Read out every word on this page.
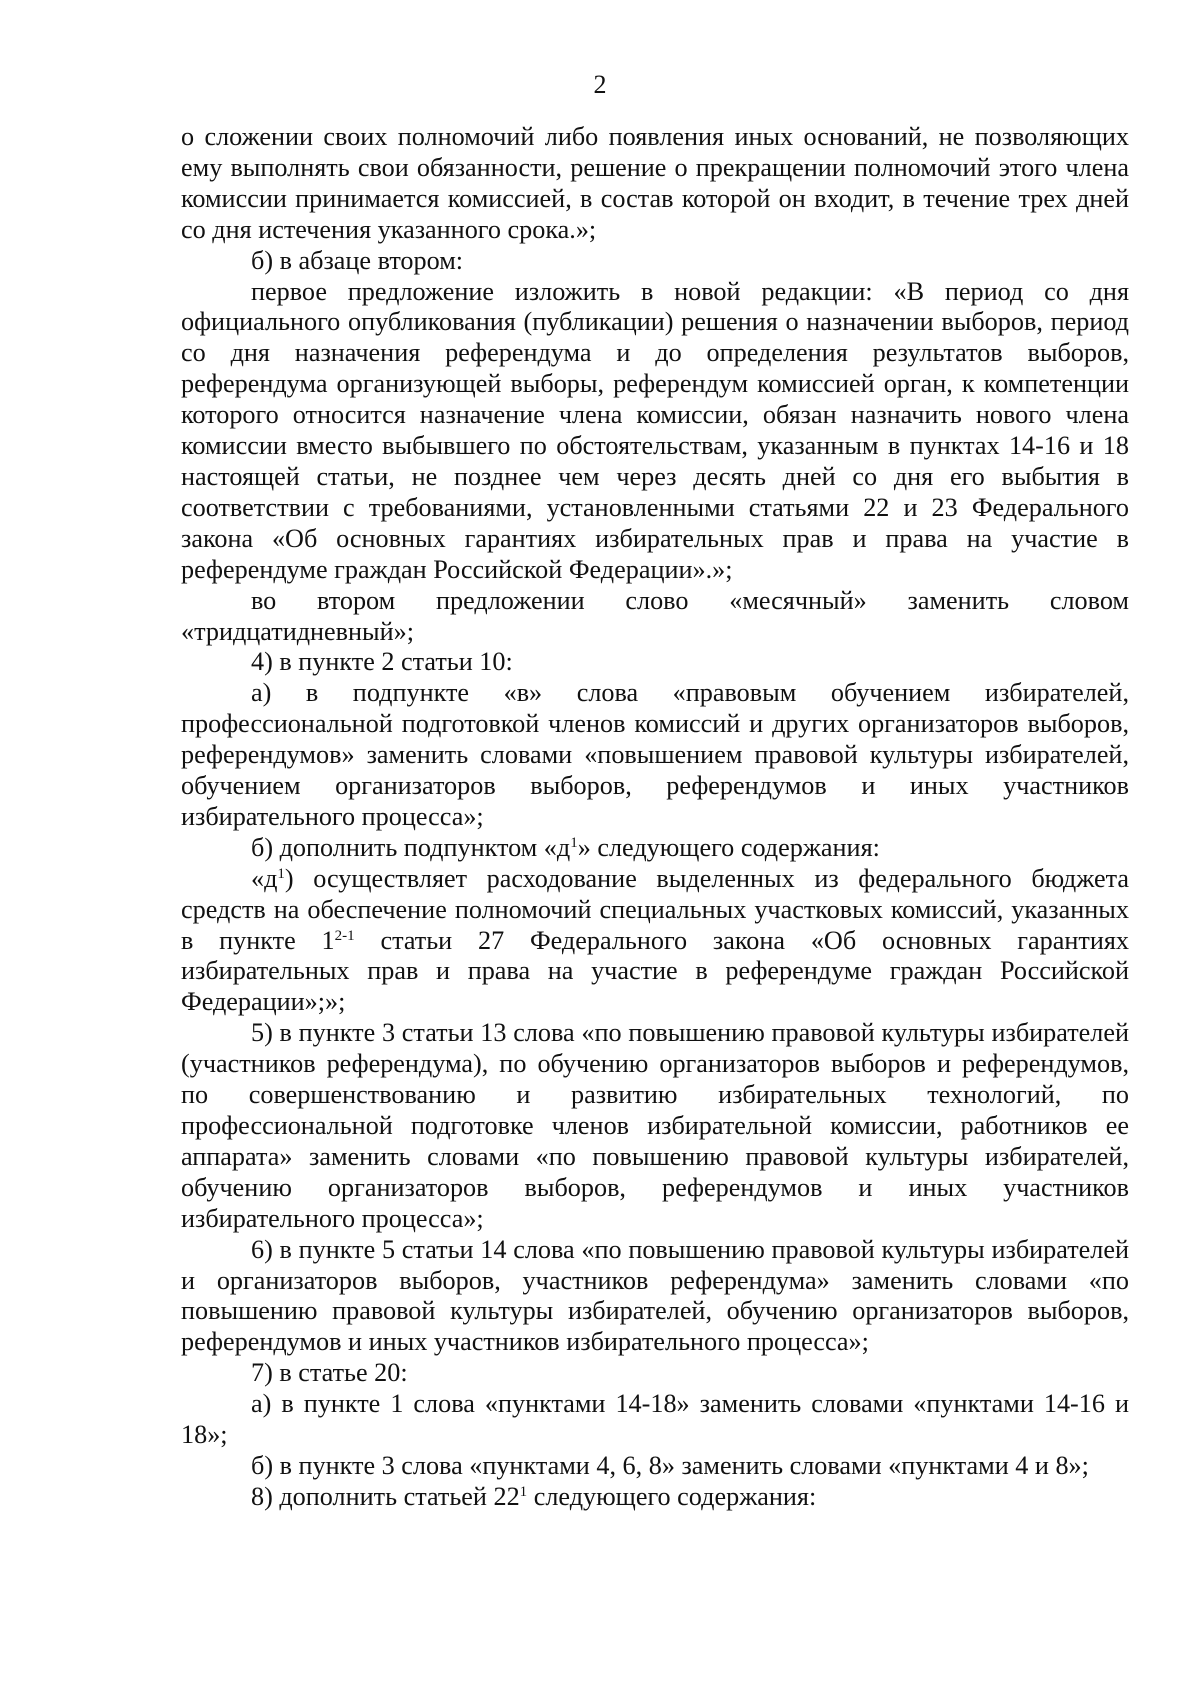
2

о сложении своих полномочий либо появления иных оснований, не позволяющих ему выполнять свои обязанности, решение о прекращении полномочий этого члена комиссии принимается комиссией, в состав которой он входит, в течение трех дней со дня истечения указанного срока.»;

б) в абзаце втором:

первое предложение изложить в новой редакции: «В период со дня официального опубликования (публикации) решения о назначении выборов, период со дня назначения референдума и до определения результатов выборов, референдума организующей выборы, референдум комиссией орган, к компетенции которого относится назначение члена комиссии, обязан назначить нового члена комиссии вместо выбывшего по обстоятельствам, указанным в пунктах 14-16 и 18 настоящей статьи, не позднее чем через десять дней со дня его выбытия в соответствии с требованиями, установленными статьями 22 и 23 Федерального закона «Об основных гарантиях избирательных прав и права на участие в референдуме граждан Российской Федерации».»;

во втором предложении слово «месячный» заменить словом «тридцатидневный»;

4) в пункте 2 статьи 10:

а) в подпункте «в» слова «правовым обучением избирателей, профессиональной подготовкой членов комиссий и других организаторов выборов, референдумов» заменить словами «повышением правовой культуры избирателей, обучением организаторов выборов, референдумов и иных участников избирательного процесса»;

б) дополнить подпунктом «$д^1$» следующего содержания:

«$д^1$) осуществляет расходование выделенных из федерального бюджета средств на обеспечение полномочий специальных участковых комиссий, указанных в пункте 1$^{2-1}$ статьи 27 Федерального закона «Об основных гарантиях избирательных прав и права на участие в референдуме граждан Российской Федерации»;»;

5) в пункте 3 статьи 13 слова «по повышению правовой культуры избирателей (участников референдума), по обучению организаторов выборов и референдумов, по совершенствованию и развитию избирательных технологий, по профессиональной подготовке членов избирательной комиссии, работников ее аппарата» заменить словами «по повышению правовой культуры избирателей, обучению организаторов выборов, референдумов и иных участников избирательного процесса»;

6) в пункте 5 статьи 14 слова «по повышению правовой культуры избирателей и организаторов выборов, участников референдума» заменить словами «по повышению правовой культуры избирателей, обучению организаторов выборов, референдумов и иных участников избирательного процесса»;

7) в статье 20:

а) в пункте 1 слова «пунктами 14-18» заменить словами «пунктами 14-16 и 18»;

б) в пункте 3 слова «пунктами 4, 6, 8» заменить словами «пунктами 4 и 8»;

8) дополнить статьей $22^1$ следующего содержания:
